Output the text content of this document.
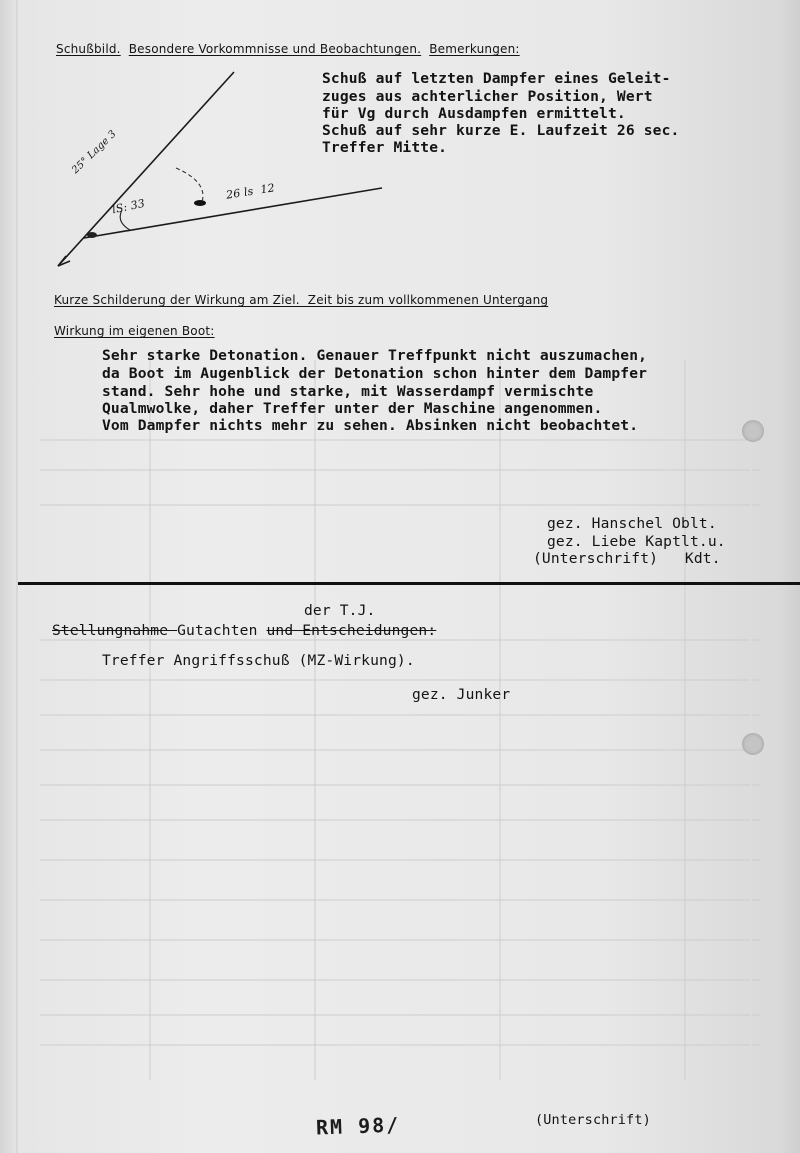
Schußbild. Besondere Vorkommnisse und Beobachtungen. Bemerkungen:
25° Lage 3
lS: 33
26 ls  12
Schuß auf letzten Dampfer eines Geleit-
zuges aus achterlicher Position, Wert
für Vg durch Ausdampfen ermittelt.
Schuß auf sehr kurze E. Laufzeit 26 sec.
Treffer Mitte.
Kurze Schilderung der Wirkung am Ziel.  Zeit bis zum vollkommenen Untergang
Wirkung im eigenen Boot:
Sehr starke Detonation. Genauer Treffpunkt nicht auszumachen,
da Boot im Augenblick der Detonation schon hinter dem Dampfer
stand. Sehr hohe und starke, mit Wasserdampf vermischte
Qualmwolke, daher Treffer unter der Maschine angenommen.
Vom Dampfer nichts mehr zu sehen. Absinken nicht beobachtet.
gez. Hanschel Oblt.
gez. Liebe Kaptlt.u.
(Unterschrift) Kdt.
der T.J.
Stellungnahme Gutachten und Entscheidungen:
Treffer Angriffsschuß (MZ-Wirkung).
gez. Junker
RM 98/	(Unterschrift)
